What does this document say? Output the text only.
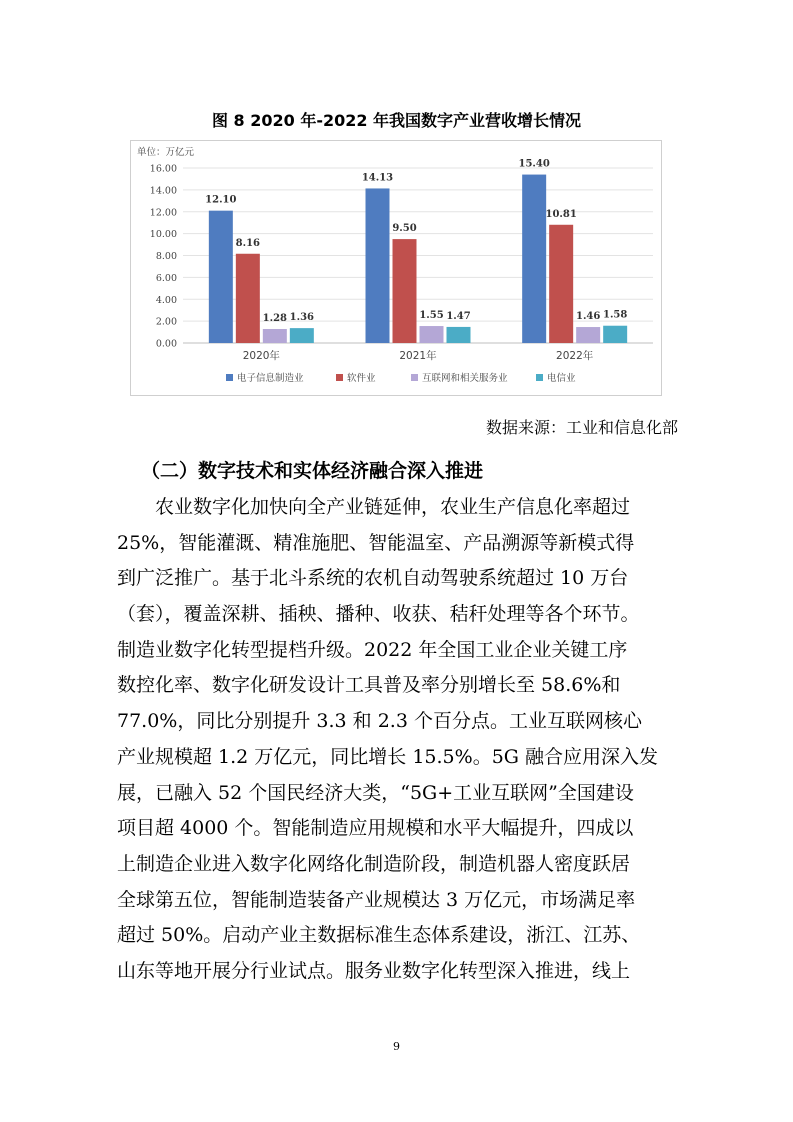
图 8 2020 年-2022 年我国数字产业营收增长情况
单位：万亿元
0.00
2.00
4.00
6.00
8.00
10.00
12.00
14.00
16.00
12.10
8.16
1.28 1.36
2020年
14.13
9.50
1.55 1.47
2021年
15.40
10.81
1.46 1.58
2022年
电子信息制造业	软件业	互联网和相关服务业	电信业
数据来源：工业和信息化部
（二）数字技术和实体经济融合深入推进
农业数字化加快向全产业链延伸，农业生产信息化率超过
25%，智能灌溉、精准施肥、智能温室、产品溯源等新模式得
到广泛推广。基于北斗系统的农机自动驾驶系统超过 10 万台
（套），覆盖深耕、插秧、播种、收获、秸秆处理等各个环节。
制造业数字化转型提档升级。2022 年全国工业企业关键工序
数控化率、数字化研发设计工具普及率分别增长至 58.6%和
77.0%，同比分别提升 3.3 和 2.3 个百分点。工业互联网核心
产业规模超 1.2 万亿元，同比增长 15.5%。5G 融合应用深入发
展，已融入 52 个国民经济大类，“5G+工业互联网”全国建设
项目超 4000 个。智能制造应用规模和水平大幅提升，四成以
上制造企业进入数字化网络化制造阶段，制造机器人密度跃居
全球第五位，智能制造装备产业规模达 3 万亿元，市场满足率
超过 50%。启动产业主数据标准生态体系建设，浙江、江苏、
山东等地开展分行业试点。服务业数字化转型深入推进，线上
9
